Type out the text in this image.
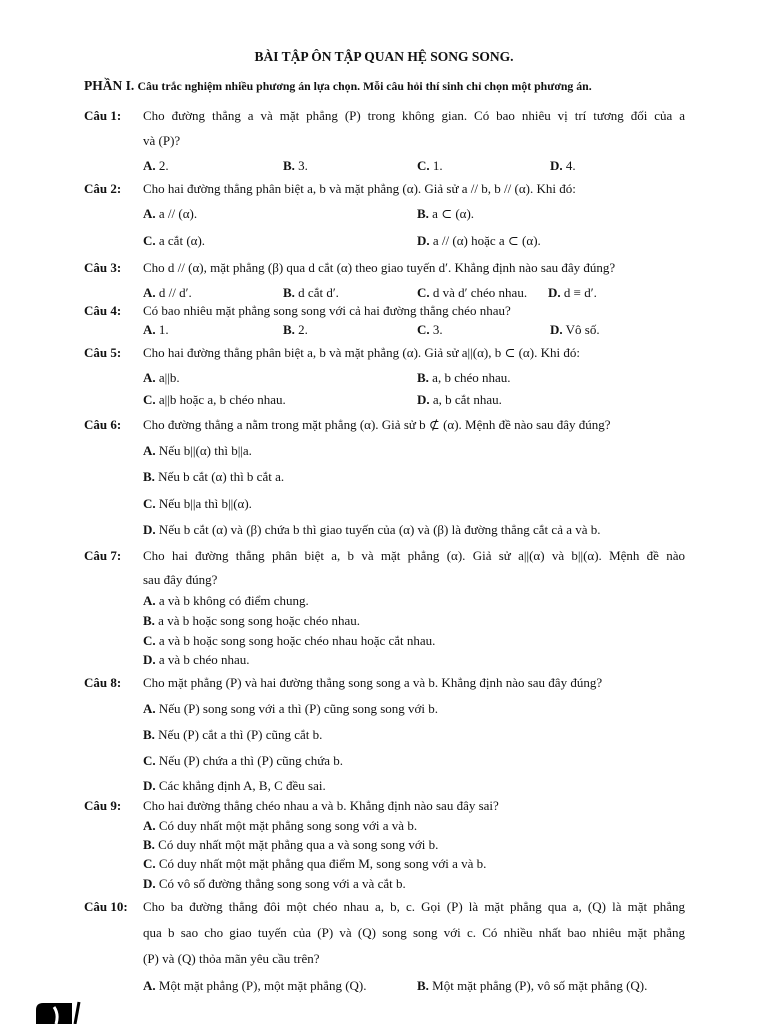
BÀI TẬP ÔN TẬP QUAN HỆ SONG SONG.
PHẦN I. Câu trắc nghiệm nhiều phương án lựa chọn. Mỗi câu hỏi thí sinh chỉ chọn một phương án.
Câu 1: Cho đường thẳng a và mặt phẳng (P) trong không gian. Có bao nhiêu vị trí tương đối của a
và (P)?
A. 2.	B. 3.	C. 1.	D. 4.
Câu 2: Cho hai đường thẳng phân biệt a, b và mặt phẳng (α). Giả sử a // b, b // (α). Khi đó:
A. a // (α).	B. a ⊂ (α).
C. a cắt (α).	D. a // (α) hoặc a ⊂ (α).
Câu 3: Cho d // (α), mặt phẳng (β) qua d cắt (α) theo giao tuyến d′. Khẳng định nào sau đây đúng?
A. d // d′.	B. d cắt d′.	C. d và d′ chéo nhau. D. d ≡ d′.
Câu 4: Có bao nhiêu mặt phẳng song song với cả hai đường thẳng chéo nhau?
A. 1.	B. 2.	C. 3.	D. Vô số.
Câu 5: Cho hai đường thẳng phân biệt a, b và mặt phẳng (α). Giả sử a||(α), b ⊂ (α). Khi đó:
A. a||b.	B. a, b chéo nhau.
C. a||b hoặc a, b chéo nhau.	D. a, b cắt nhau.
Câu 6: Cho đường thẳng a nằm trong mặt phẳng (α). Giả sử b ⊄ (α). Mệnh đề nào sau đây đúng?
A. Nếu b||(α) thì b||a.
B. Nếu b cắt (α) thì b cắt a.
C. Nếu b||a thì b||(α).
D. Nếu b cắt (α) và (β) chứa b thì giao tuyến của (α) và (β) là đường thẳng cắt cả a và b.
Câu 7: Cho hai đường thẳng phân biệt a, b và mặt phẳng (α). Giả sử a||(α) và b||(α). Mệnh đề nào
sau đây đúng?
A. a và b không có điểm chung.
B. a và b hoặc song song hoặc chéo nhau.
C. a và b hoặc song song hoặc chéo nhau hoặc cắt nhau.
D. a và b chéo nhau.
Câu 8: Cho mặt phẳng (P) và hai đường thẳng song song a và b. Khẳng định nào sau đây đúng?
A. Nếu (P) song song với a thì (P) cũng song song với b.
B. Nếu (P) cắt a thì (P) cũng cắt b.
C. Nếu (P) chứa a thì (P) cũng chứa b.
D. Các khẳng định A, B, C đều sai.
Câu 9: Cho hai đường thẳng chéo nhau a và b. Khẳng định nào sau đây sai?
A. Có duy nhất một mặt phẳng song song với a và b.
B. Có duy nhất một mặt phẳng qua a và song song với b.
C. Có duy nhất một mặt phẳng qua điểm M, song song với a và b.
D. Có vô số đường thẳng song song với a và cắt b.
Câu 10: Cho ba đường thẳng đôi một chéo nhau a, b, c. Gọi (P) là mặt phẳng qua a, (Q) là mặt phẳng
qua b sao cho giao tuyến của (P) và (Q) song song với c. Có nhiều nhất bao nhiêu mặt phẳng
(P) và (Q) thỏa mãn yêu cầu trên?
A. Một mặt phẳng (P), một mặt phẳng (Q).	B. Một mặt phẳng (P), vô số mặt phẳng (Q).
